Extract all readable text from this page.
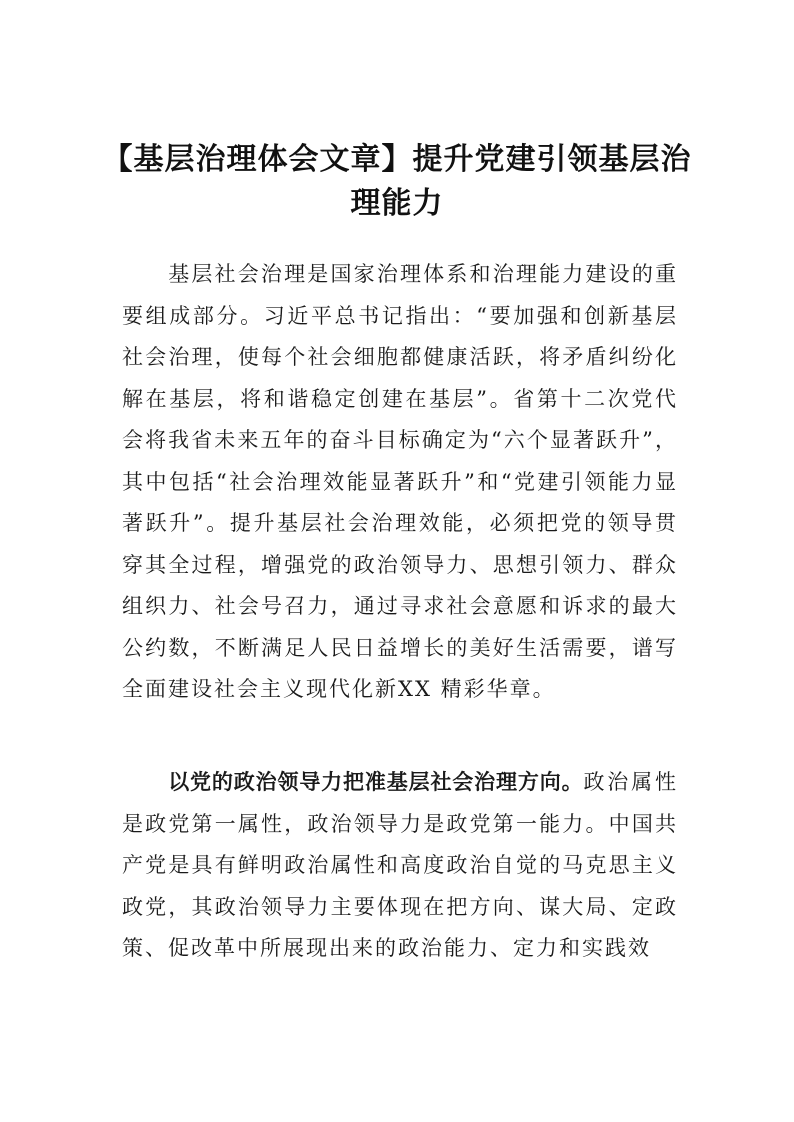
【基层治理体会文章】提升党建引领基层治理能力

基层社会治理是国家治理体系和治理能力建设的重要组成部分。习近平总书记指出：“要加强和创新基层社会治理，使每个社会细胞都健康活跃，将矛盾纠纷化解在基层，将和谐稳定创建在基层”。省第十二次党代会将我省未来五年的奋斗目标确定为“六个显著跃升”，其中包括“社会治理效能显著跃升”和“党建引领能力显著跃升”。提升基层社会治理效能，必须把党的领导贯穿其全过程，增强党的政治领导力、思想引领力、群众组织力、社会号召力，通过寻求社会意愿和诉求的最大公约数，不断满足人民日益增长的美好生活需要，谱写全面建设社会主义现代化新XX 精彩华章。

以党的政治领导力把准基层社会治理方向。政治属性是政党第一属性，政治领导力是政党第一能力。中国共产党是具有鲜明政治属性和高度政治自觉的马克思主义政党，其政治领导力主要体现在把方向、谋大局、定政策、促改革中所展现出来的政治能力、定力和实践效
